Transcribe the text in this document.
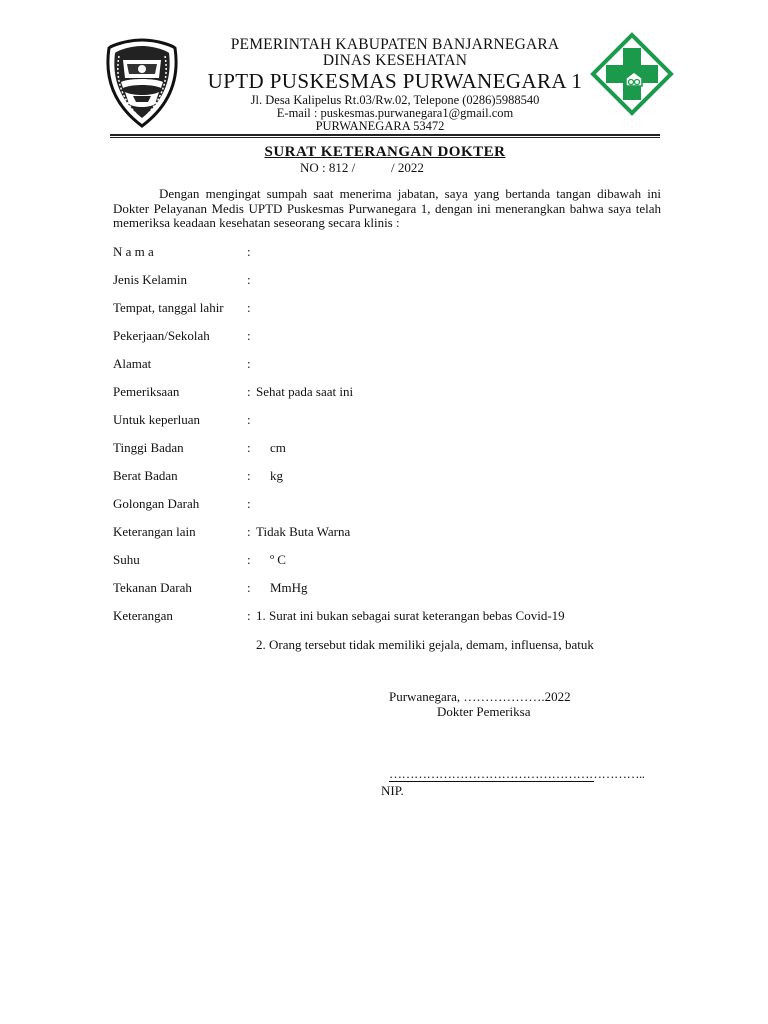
PEMERINTAH KABUPATEN BANJARNEGARA
DINAS KESEHATAN
UPTD PUSKESMAS PURWANEGARA 1
Jl. Desa Kalipelus Rt.03/Rw.02, Telepone (0286)5988540
E-mail : puskesmas.purwanegara1@gmail.com
PURWANEGARA 53472
SURAT KETERANGAN DOKTER
NO : 812 /           / 2022
Dengan mengingat sumpah saat menerima jabatan, saya yang bertanda tangan dibawah ini Dokter Pelayanan Medis UPTD Puskesmas Purwanegara 1, dengan ini menerangkan bahwa saya telah memeriksa keadaan kesehatan seseorang secara klinis :
N a m a	:
Jenis Kelamin	:
Tempat, tanggal lahir :
Pekerjaan/Sekolah	:
Alamat	:
Pemeriksaan	: Sehat pada saat ini
Untuk keperluan	:
Tinggi Badan	: cm
Berat Badan	: kg
Golongan Darah	:
Keterangan lain	: Tidak Buta Warna
Suhu	: º C
Tekanan Darah	: MmHg
Keterangan	: 1. Surat ini bukan sebagai surat keterangan bebas Covid-19
2. Orang tersebut tidak memiliki gejala, demam, influensa, batuk
Purwanegara, ……………….2022
Dokter Pemeriksa
……………………………………………………..
NIP.
